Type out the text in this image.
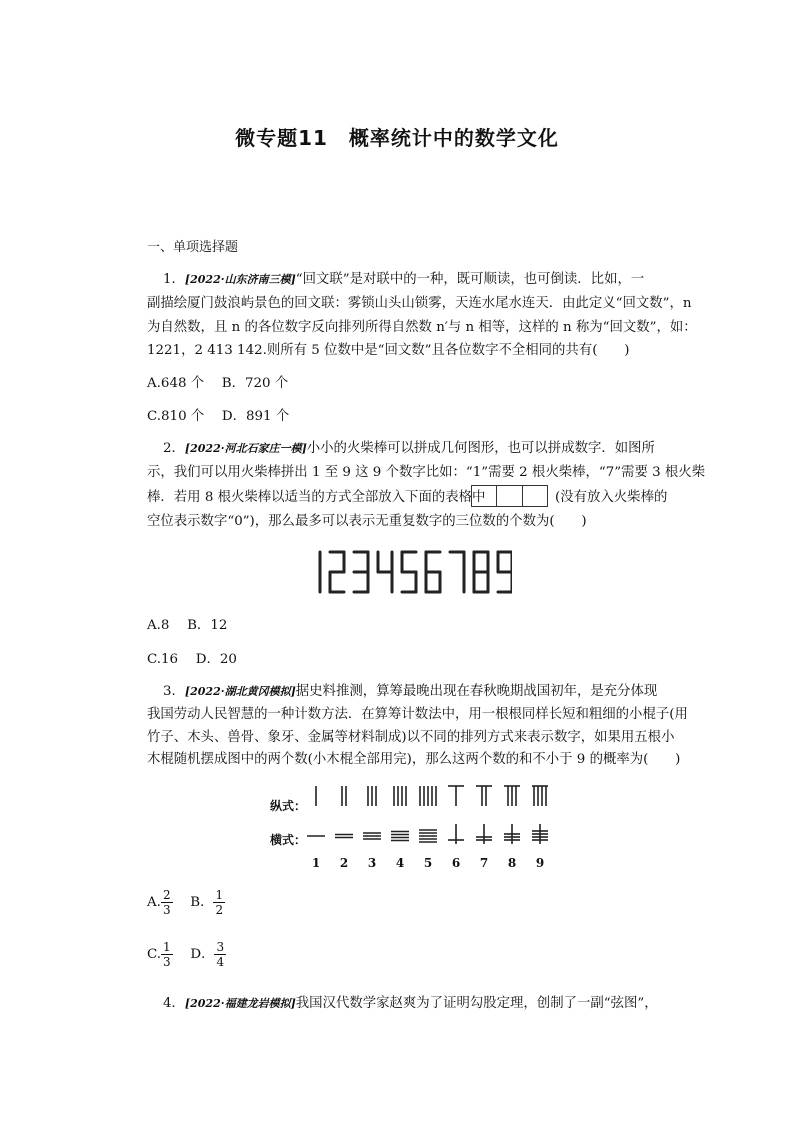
微专题11　概率统计中的数学文化
一、单项选择题
1．[2022·山东济南三模]“回文联”是对联中的一种，既可顺读，也可倒读．比如，一
副描绘厦门鼓浪屿景色的回文联：雾锁山头山锁雾，天连水尾水连天．由此定义“回文数”，n
为自然数，且 n 的各位数字反向排列所得自然数 n′与 n 相等，这样的 n 称为“回文数”，如：
1221，2 413 142.则所有 5 位数中是“回文数”且各位数字不全相同的共有(　　)
A.648 个　 B．720 个
C.810 个　 D．891 个
2．[2022·河北石家庄一模]小小的火柴棒可以拼成几何图形，也可以拼成数字．如图所
示，我们可以用火柴棒拼出 1 至 9 这 9 个数字比如：“1”需要 2 根火柴棒，“7”需要 3 根火柴
棒．若用 8 根火柴棒以适当的方式全部放入下面的表格中	(没有放入火柴棒的
空位表示数字“0”)，那么最多可以表示无重复数字的三位数的个数为(　　)
A.8　 B．12
C.16　 D．20
3．[2022·湖北黄冈模拟]据史料推测，算筹最晚出现在春秋晚期战国初年，是充分体现
我国劳动人民智慧的一种计数方法．在算筹计数法中，用一根根同样长短和粗细的小棍子(用
竹子、木头、兽骨、象牙、金属等材料制成)以不同的排列方式来表示数字，如果用五根小
木棍随机摆成图中的两个数(小木棍全部用完)，那么这两个数的和不小于 9 的概率为(　　)
纵式：
横式：
1	2	3	4	5	6	7	8	9
A. $\frac{2}{3}$
　 B． $\frac{1}{2}$
C. $\frac{1}{3}$
　 D． $\frac{3}{4}$
4．[2022·福建龙岩模拟]我国汉代数学家赵爽为了证明勾股定理，创制了一副“弦图”，
